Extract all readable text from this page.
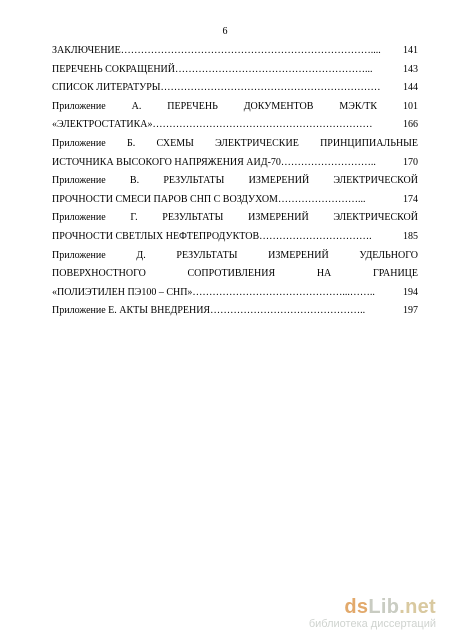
6
ЗАКЛЮЧЕНИЕ…………………………………………………………………....	141
ПЕРЕЧЕНЬ СОКРАЩЕНИЙ…………………………………………………...	143
СПИСОК ЛИТЕРАТУРЫ…………………………………………………………	144
Приложение А. ПЕРЕЧЕНЬ ДОКУМЕНТОВ МЭК/ТК 101
«ЭЛЕКТРОСТАТИКА»…………………………………………………………	166
Приложение Б. СХЕМЫ ЭЛЕКТРИЧЕСКИЕ ПРИНЦИПИАЛЬНЫЕ
ИСТОЧНИКА ВЫСОКОГО НАПРЯЖЕНИЯ АИД-70………………………..	170
Приложение В. РЕЗУЛЬТАТЫ ИЗМЕРЕНИЙ ЭЛЕКТРИЧЕСКОЙ
ПРОЧНОСТИ СМЕСИ ПАРОВ СНП С ВОЗДУХОМ……………………...	174
Приложение Г. РЕЗУЛЬТАТЫ ИЗМЕРЕНИЙ ЭЛЕКТРИЧЕСКОЙ
ПРОЧНОСТИ СВЕТЛЫХ НЕФТЕПРОДУКТОВ…………………………….	185
Приложение Д. РЕЗУЛЬТАТЫ ИЗМЕРЕНИЙ УДЕЛЬНОГО
ПОВЕРХНОСТНОГО СОПРОТИВЛЕНИЯ НА ГРАНИЦЕ
«ПОЛИЭТИЛЕН ПЭ100 – СНП»………………………………………...……..	194
Приложение Е. АКТЫ ВНЕДРЕНИЯ………………………………………..	197
dsLib.net
библиотека диссертаций
